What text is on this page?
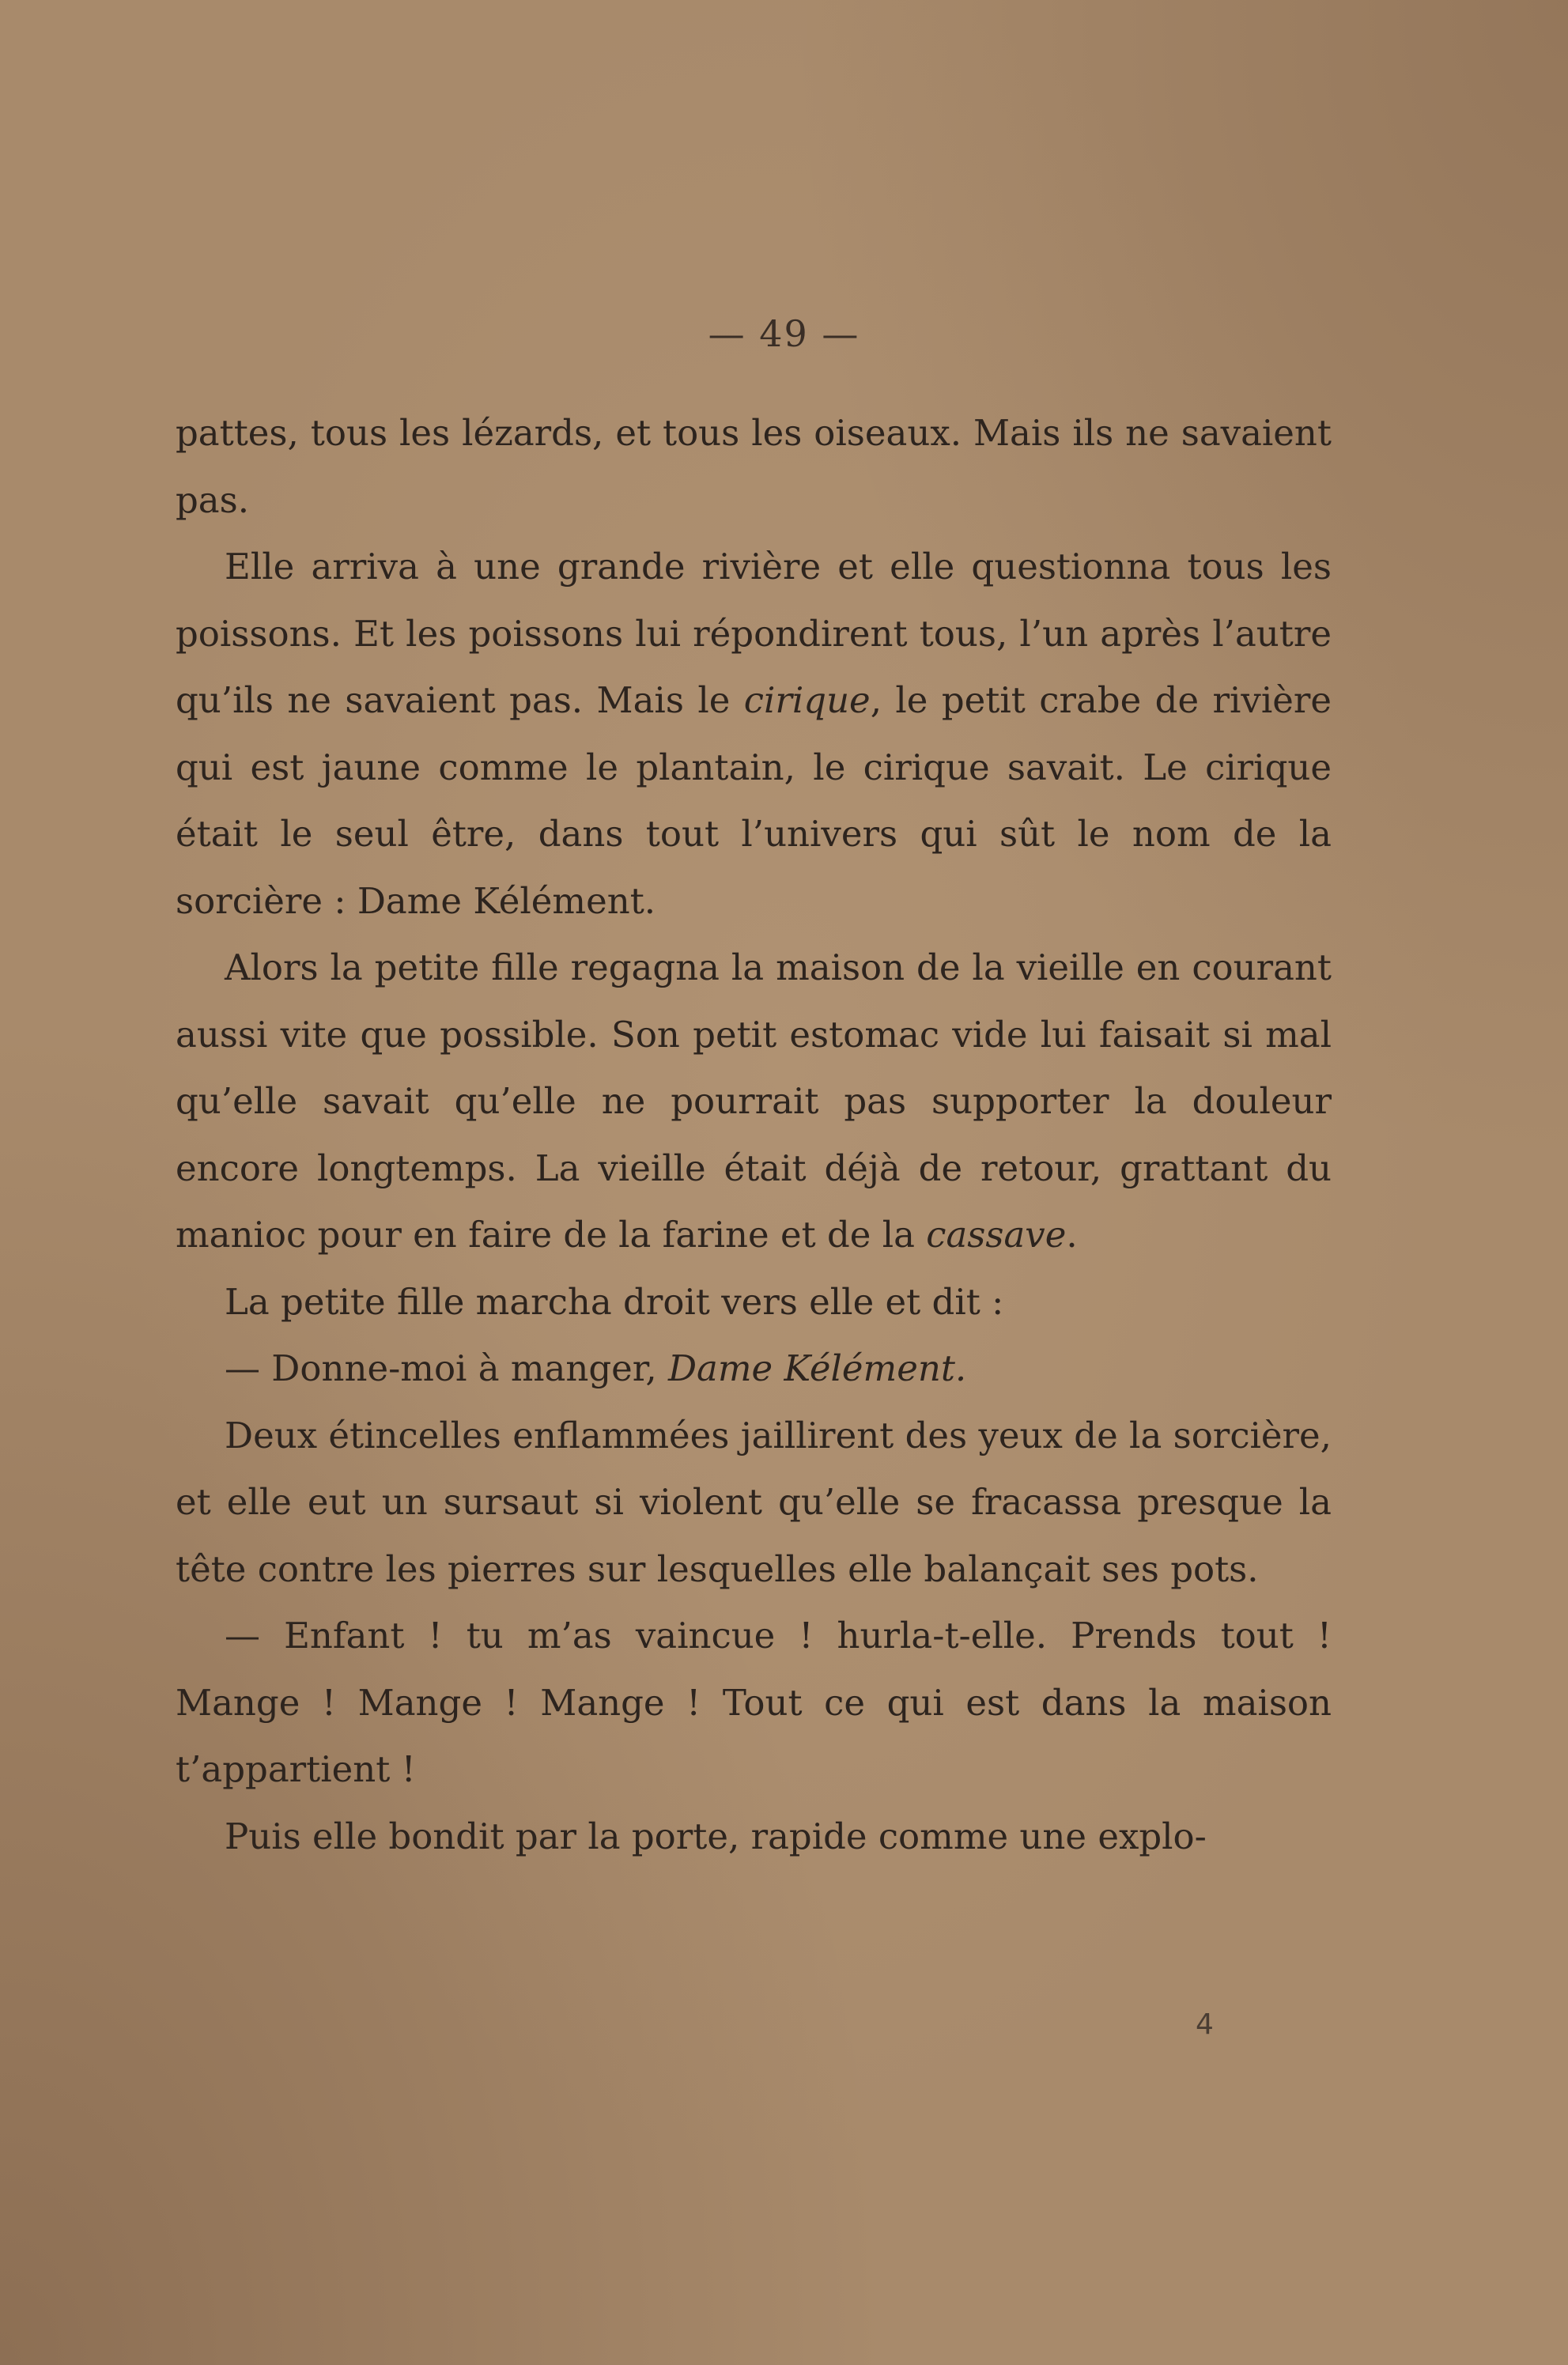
— 49 —

pattes, tous les lézards, et tous les oiseaux. Mais ils ne savaient pas.

Elle arriva à une grande rivière et elle questionna tous les poissons. Et les poissons lui répondirent tous, l’un après l’autre qu’ils ne savaient pas. Mais le cirique, le petit crabe de rivière qui est jaune comme le plantain, le cirique savait. Le cirique était le seul être, dans tout l’univers qui sût le nom de la sorcière : Dame Kélément.

Alors la petite fille regagna la maison de la vieille en courant aussi vite que possible. Son petit estomac vide lui faisait si mal qu’elle savait qu’elle ne pourrait pas supporter la douleur encore longtemps. La vieille était déjà de retour, grattant du manioc pour en faire de la farine et de la cassave.

La petite fille marcha droit vers elle et dit :

— Donne-moi à manger, Dame Kélément.

Deux étincelles enflammées jaillirent des yeux de la sorcière, et elle eut un sursaut si violent qu’elle se fracassa presque la tête contre les pierres sur lesquelles elle balançait ses pots.

— Enfant ! tu m’as vaincue ! hurla-t-elle. Prends tout ! Mange ! Mange ! Mange ! Tout ce qui est dans la maison t’appartient !

Puis elle bondit par la porte, rapide comme une explo-

4
